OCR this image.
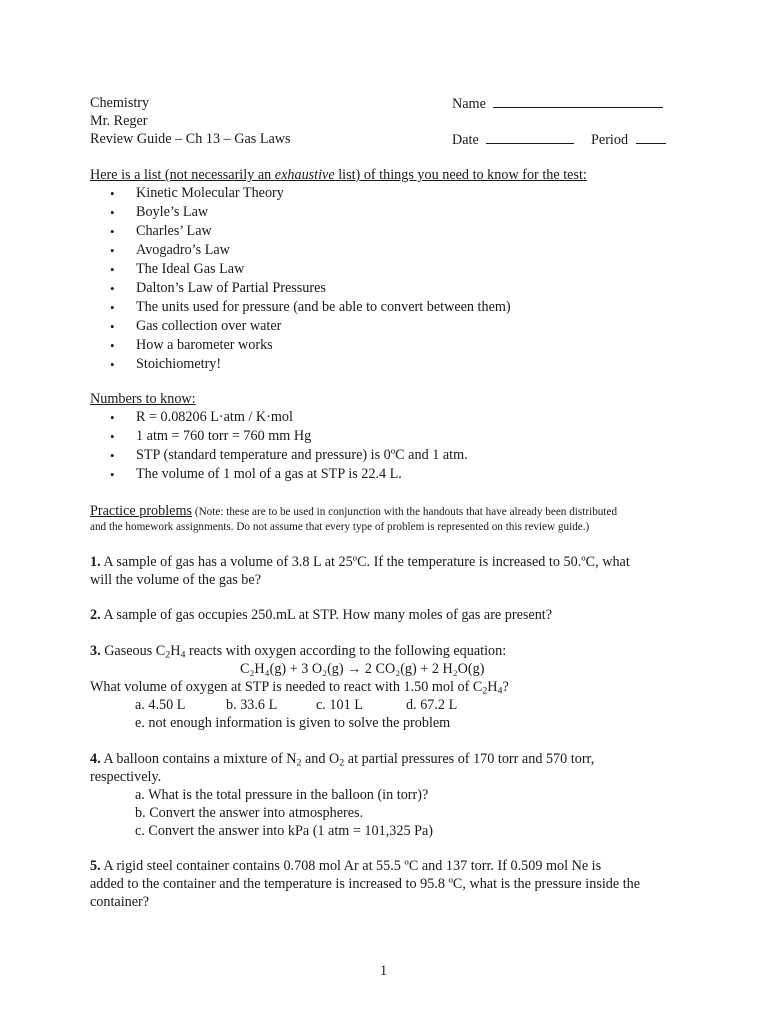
Chemistry
Mr. Reger
Review Guide – Ch 13 – Gas Laws
Name
Date	Period
Here is a list (not necessarily an exhaustive list) of things you need to know for the test:
• Kinetic Molecular Theory
• Boyle’s Law
• Charles’ Law
• Avogadro’s Law
• The Ideal Gas Law
• Dalton’s Law of Partial Pressures
• The units used for pressure (and be able to convert between them)
• Gas collection over water
• How a barometer works
• Stoichiometry!
Numbers to know:
• R = 0.08206 L·atm / K·mol
• 1 atm = 760 torr = 760 mm Hg
• STP (standard temperature and pressure) is 0ºC and 1 atm.
• The volume of 1 mol of a gas at STP is 22.4 L.
Practice problems (Note: these are to be used in conjunction with the handouts that have already been distributed
and the homework assignments. Do not assume that every type of problem is represented on this review guide.)
1. A sample of gas has a volume of 3.8 L at 25ºC. If the temperature is increased to 50.ºC, what
will the volume of the gas be?
2. A sample of gas occupies 250.mL at STP. How many moles of gas are present?
3. Gaseous $C_2H_4$ reacts with oxygen according to the following equation:
C₂H₄(g) + 3 O₂(g) → 2 CO₂(g) + 2 H₂O(g)
What volume of oxygen at STP is needed to react with 1.50 mol of $C_2H_4$?
a. 4.50 L	b. 33.6 L	c. 101 L	d. 67.2 L
e. not enough information is given to solve the problem
4. A balloon contains a mixture of $N_2$ and $O_2$ at partial pressures of 170 torr and 570 torr,
respectively.
a. What is the total pressure in the balloon (in torr)?
b. Convert the answer into atmospheres.
c. Convert the answer into kPa (1 atm = 101,325 Pa)
5. A rigid steel container contains 0.708 mol Ar at 55.5 ºC and 137 torr. If 0.509 mol Ne is
added to the container and the temperature is increased to 95.8 ºC, what is the pressure inside the
container?
1
